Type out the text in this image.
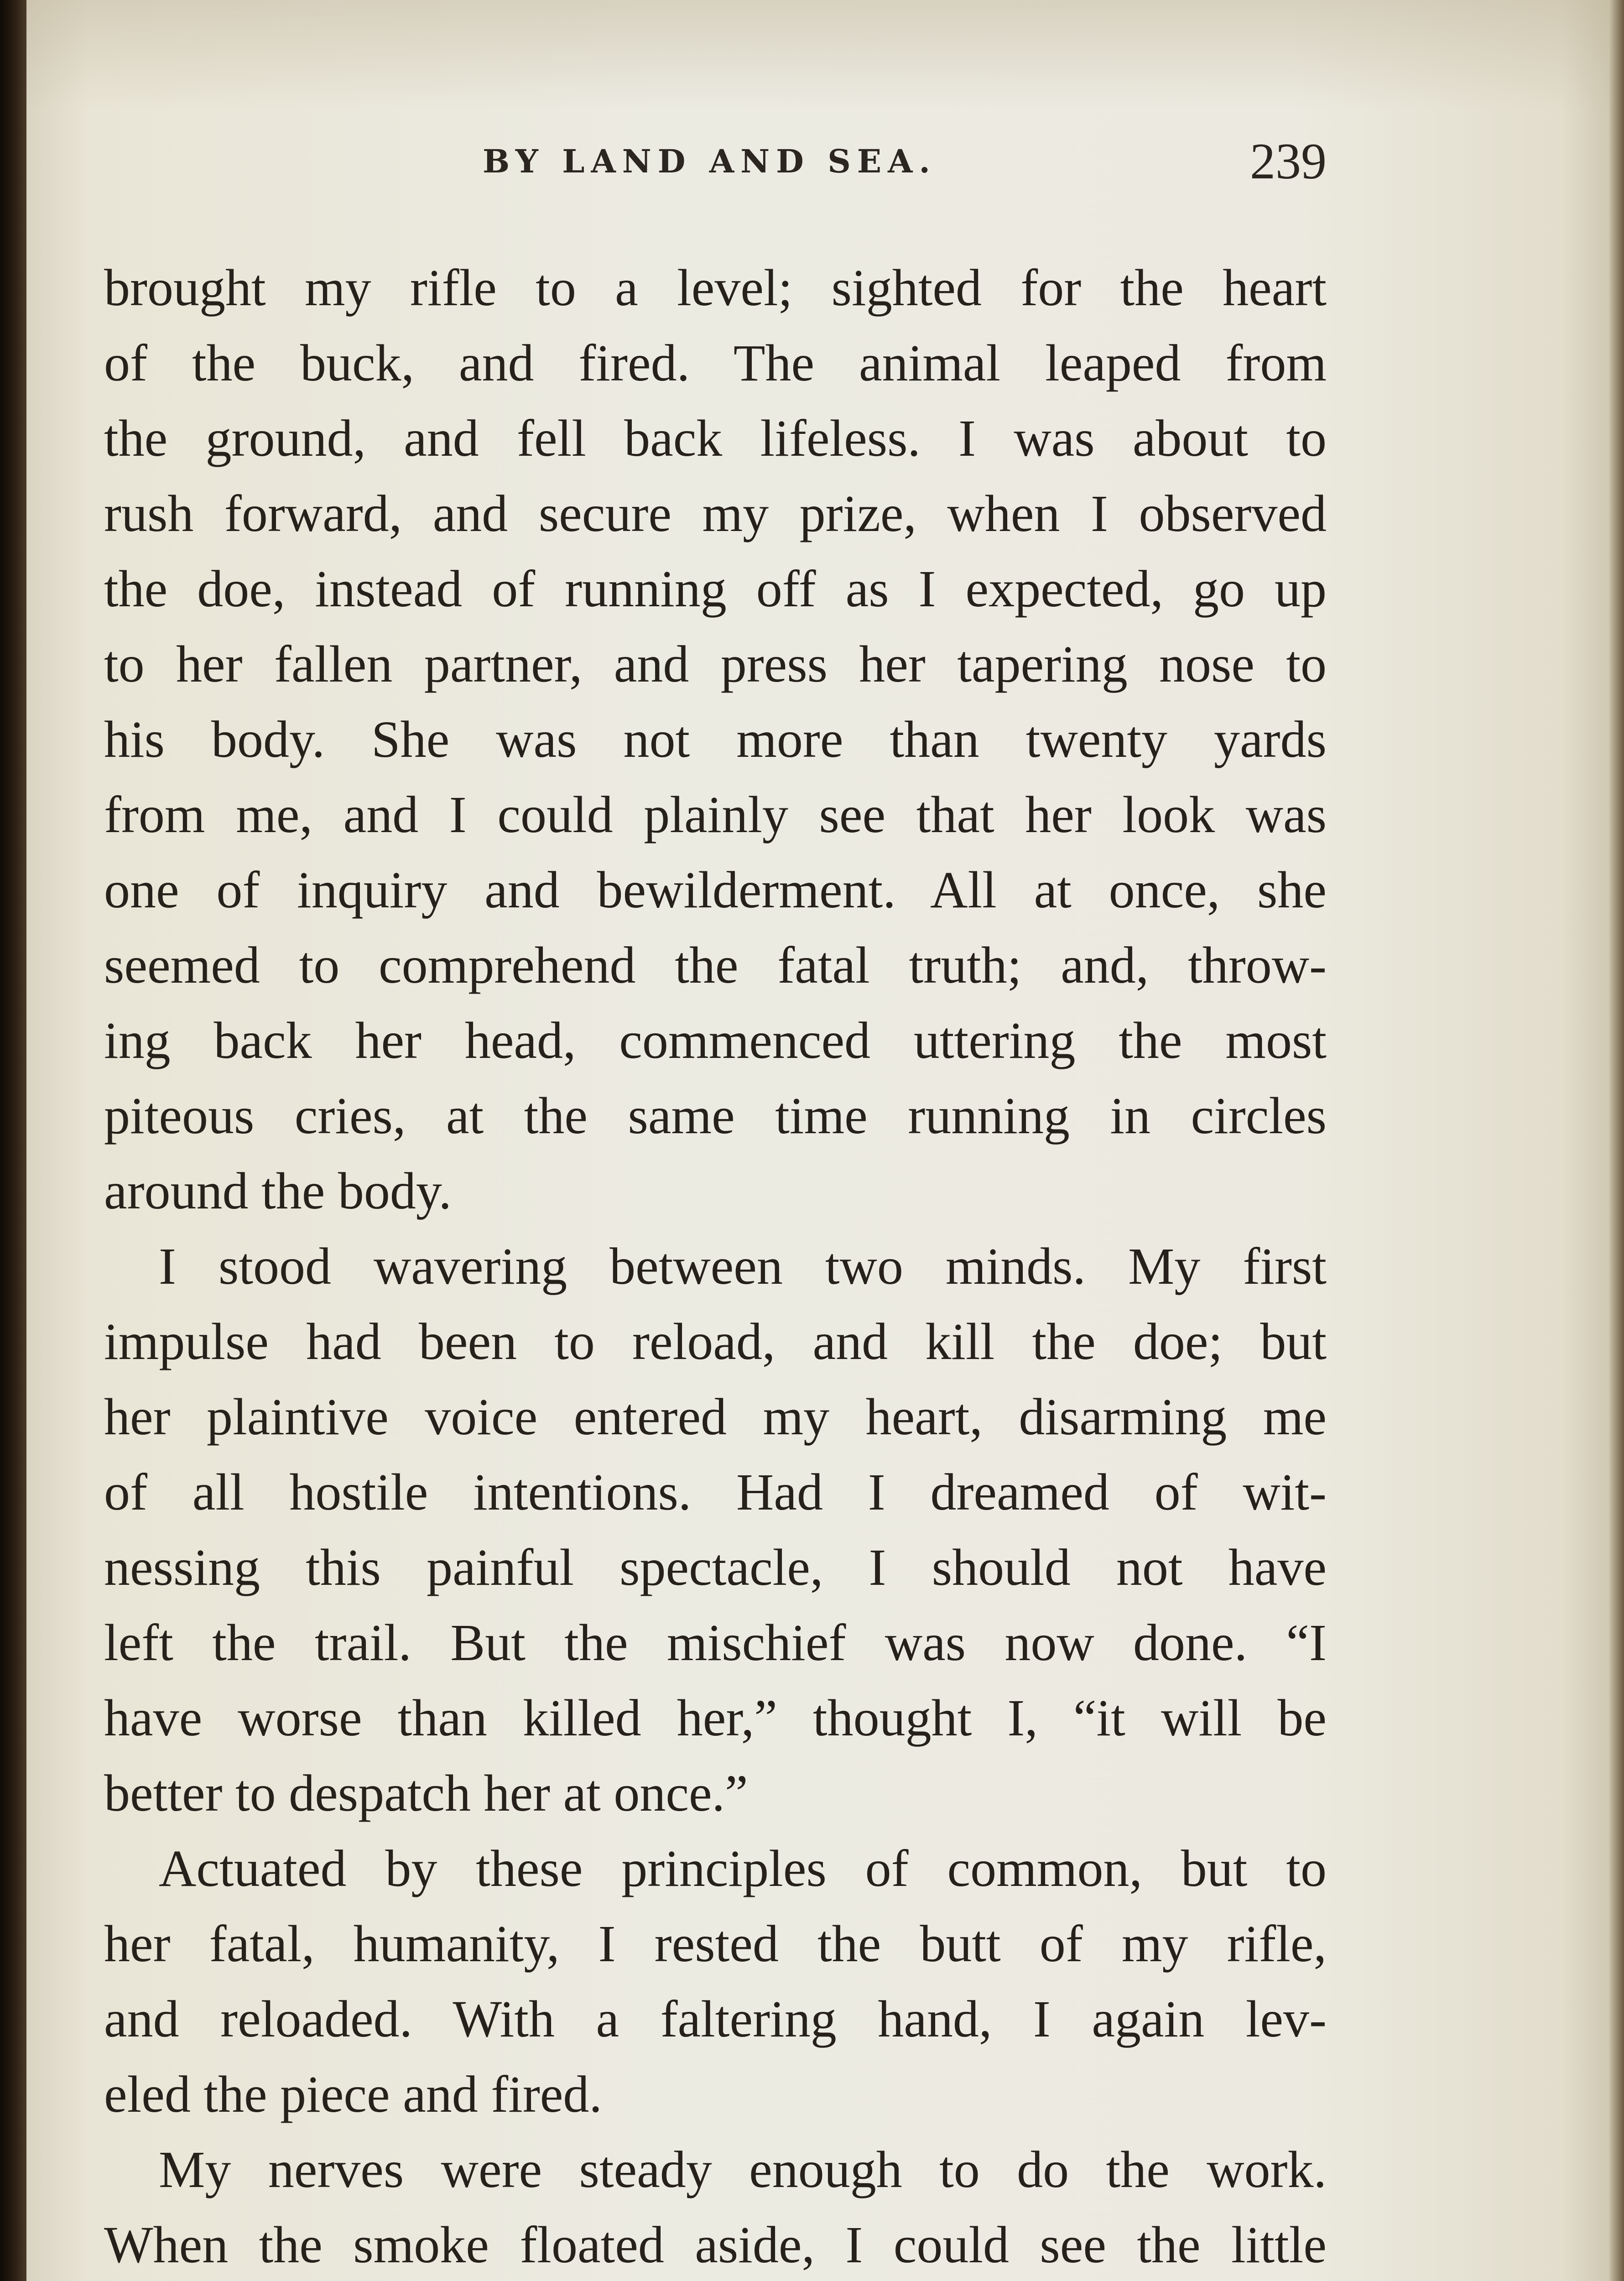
BY LAND AND SEA.	239
brought my rifle to a level; sighted for the heart
of the buck, and fired. The animal leaped from
the ground, and fell back lifeless. I was about to
rush forward, and secure my prize, when I observed
the doe, instead of running off as I expected, go up
to her fallen partner, and press her tapering nose to
his body. She was not more than twenty yards
from me, and I could plainly see that her look was
one of inquiry and bewilderment. All at once, she
seemed to comprehend the fatal truth; and, throw-
ing back her head, commenced uttering the most
piteous cries, at the same time running in circles
around the body.
I stood wavering between two minds. My first
impulse had been to reload, and kill the doe; but
her plaintive voice entered my heart, disarming me
of all hostile intentions. Had I dreamed of wit-
nessing this painful spectacle, I should not have
left the trail. But the mischief was now done. “I
have worse than killed her,” thought I, “it will be
better to despatch her at once.”
Actuated by these principles of common, but to
her fatal, humanity, I rested the butt of my rifle,
and reloaded. With a faltering hand, I again lev-
eled the piece and fired.
My nerves were steady enough to do the work.
When the smoke floated aside, I could see the little
